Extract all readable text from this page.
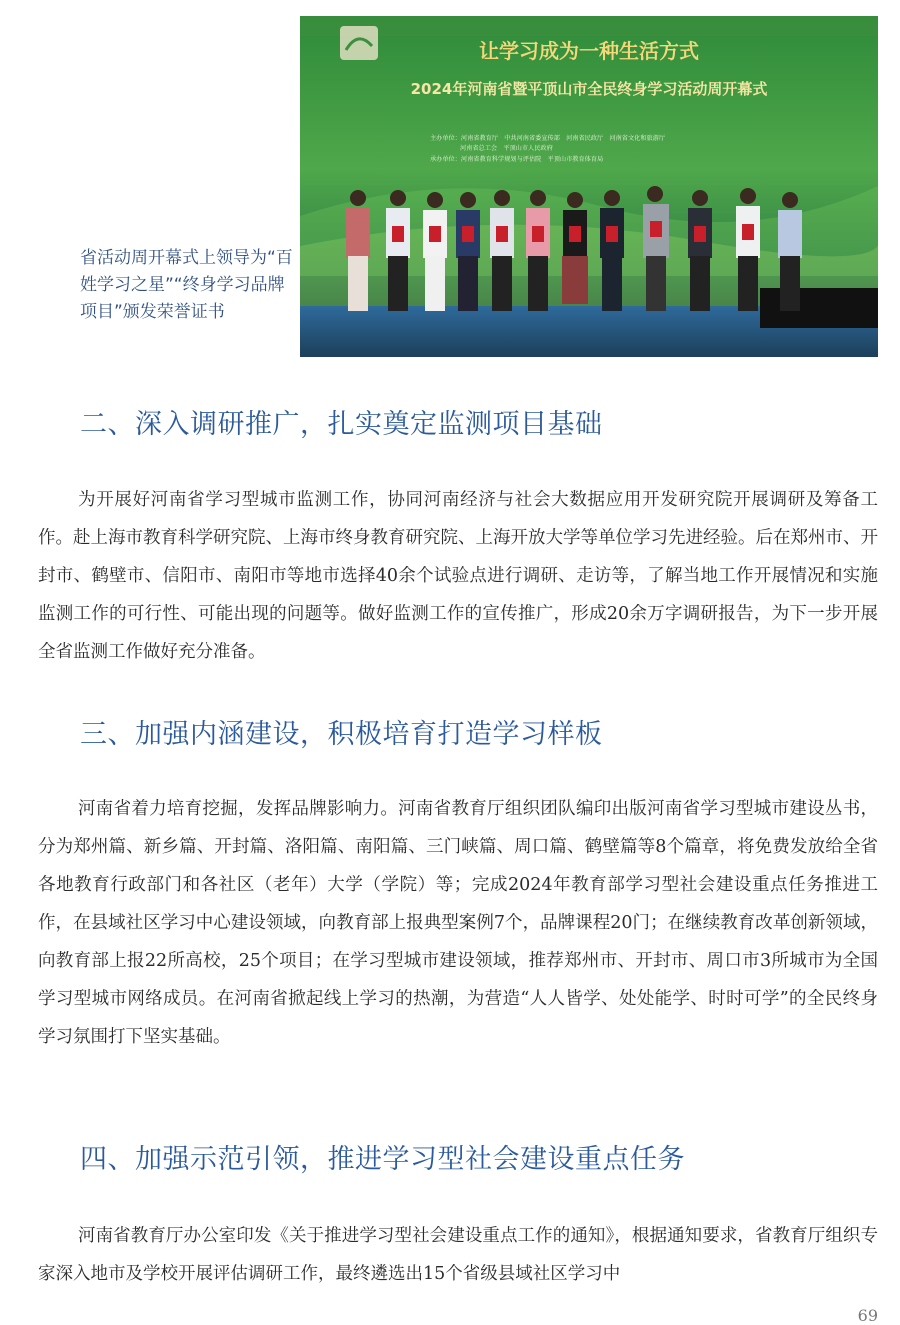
省活动周开幕式上领导为“百姓学习之星”“终身学习品牌项目”颁发荣誉证书
让学习成为一种生活方式
2024年河南省暨平顶山市全民终身学习活动周开幕式
主办单位：河南省教育厅　中共河南省委宣传部　河南省民政厅　河南省文化和旅游厅
河南省总工会　平顶山市人民政府
承办单位：河南省教育科学规划与评估院　平顶山市教育体育局
二、深入调研推广，扎实奠定监测项目基础

为开展好河南省学习型城市监测工作，协同河南经济与社会大数据应用开发研究院开展调研及筹备工作。赴上海市教育科学研究院、上海市终身教育研究院、上海开放大学等单位学习先进经验。后在郑州市、开封市、鹤壁市、信阳市、南阳市等地市选择40余个试验点进行调研、走访等，了解当地工作开展情况和实施监测工作的可行性、可能出现的问题等。做好监测工作的宣传推广，形成20余万字调研报告，为下一步开展全省监测工作做好充分准备。

三、加强内涵建设，积极培育打造学习样板

河南省着力培育挖掘，发挥品牌影响力。河南省教育厅组织团队编印出版河南省学习型城市建设丛书，分为郑州篇、新乡篇、开封篇、洛阳篇、南阳篇、三门峡篇、周口篇、鹤壁篇等8个篇章，将免费发放给全省各地教育行政部门和各社区（老年）大学（学院）等；完成2024年教育部学习型社会建设重点任务推进工作，在县域社区学习中心建设领域，向教育部上报典型案例7个，品牌课程20门；在继续教育改革创新领域，向教育部上报22所高校，25个项目；在学习型城市建设领域，推荐郑州市、开封市、周口市3所城市为全国学习型城市网络成员。在河南省掀起线上学习的热潮，为营造“人人皆学、处处能学、时时可学”的全民终身学习氛围打下坚实基础。

四、加强示范引领，推进学习型社会建设重点任务

河南省教育厅办公室印发《关于推进学习型社会建设重点工作的通知》，根据通知要求，省教育厅组织专家深入地市及学校开展评估调研工作，最终遴选出15个省级县域社区学习中

69
